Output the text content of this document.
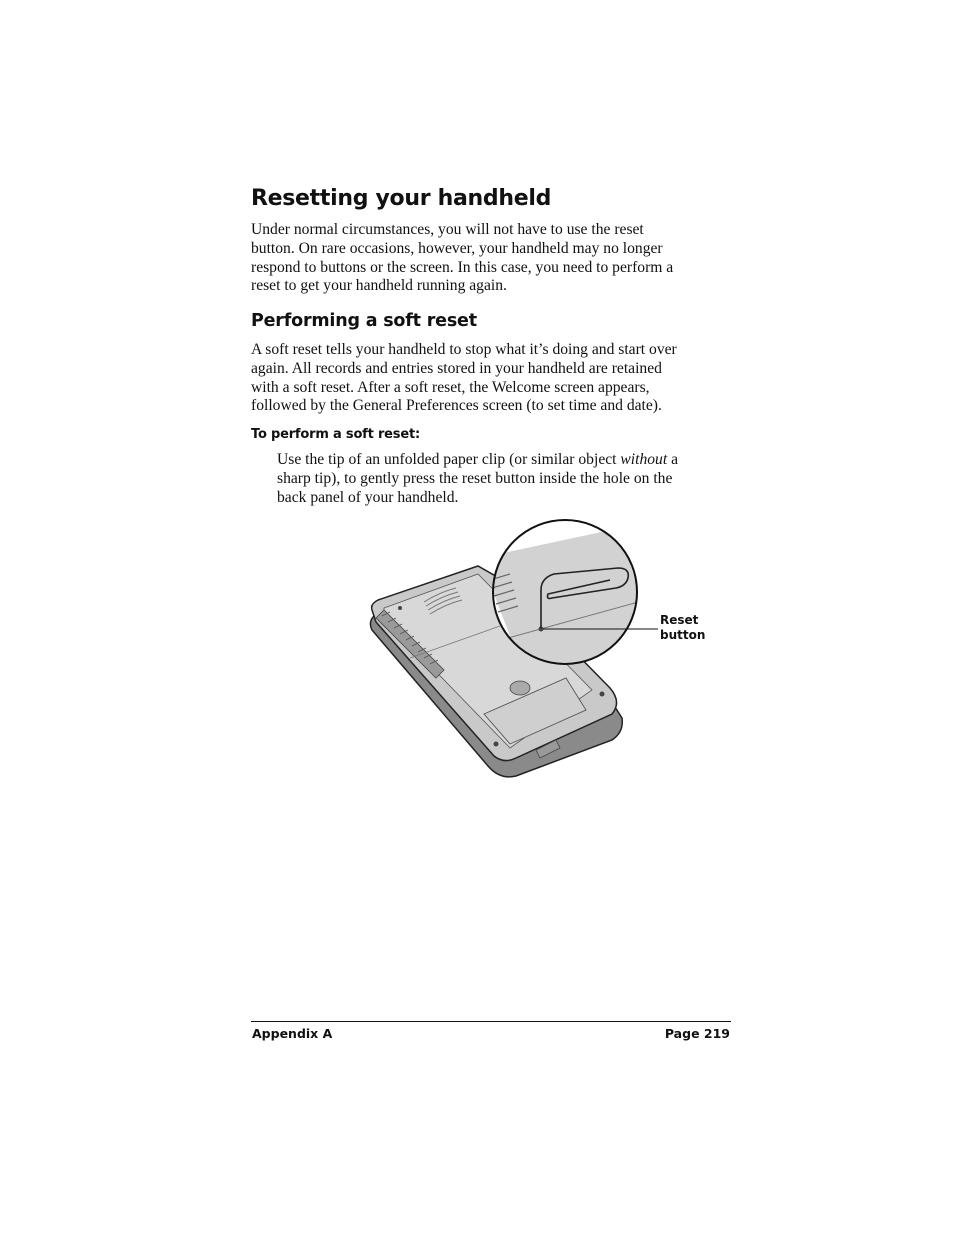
Resetting your handheld

Under normal circumstances, you will not have to use the reset
button. On rare occasions, however, your handheld may no longer
respond to buttons or the screen. In this case, you need to perform a
reset to get your handheld running again.

Performing a soft reset

A soft reset tells your handheld to stop what it’s doing and start over
again. All records and entries stored in your handheld are retained
with a soft reset. After a soft reset, the Welcome screen appears,
followed by the General Preferences screen (to set time and date).

To perform a soft reset:

Use the tip of an unfolded paper clip (or similar object without a
sharp tip), to gently press the reset button inside the hole on the
back panel of your handheld.

Reset
button
Appendix A	Page 219
